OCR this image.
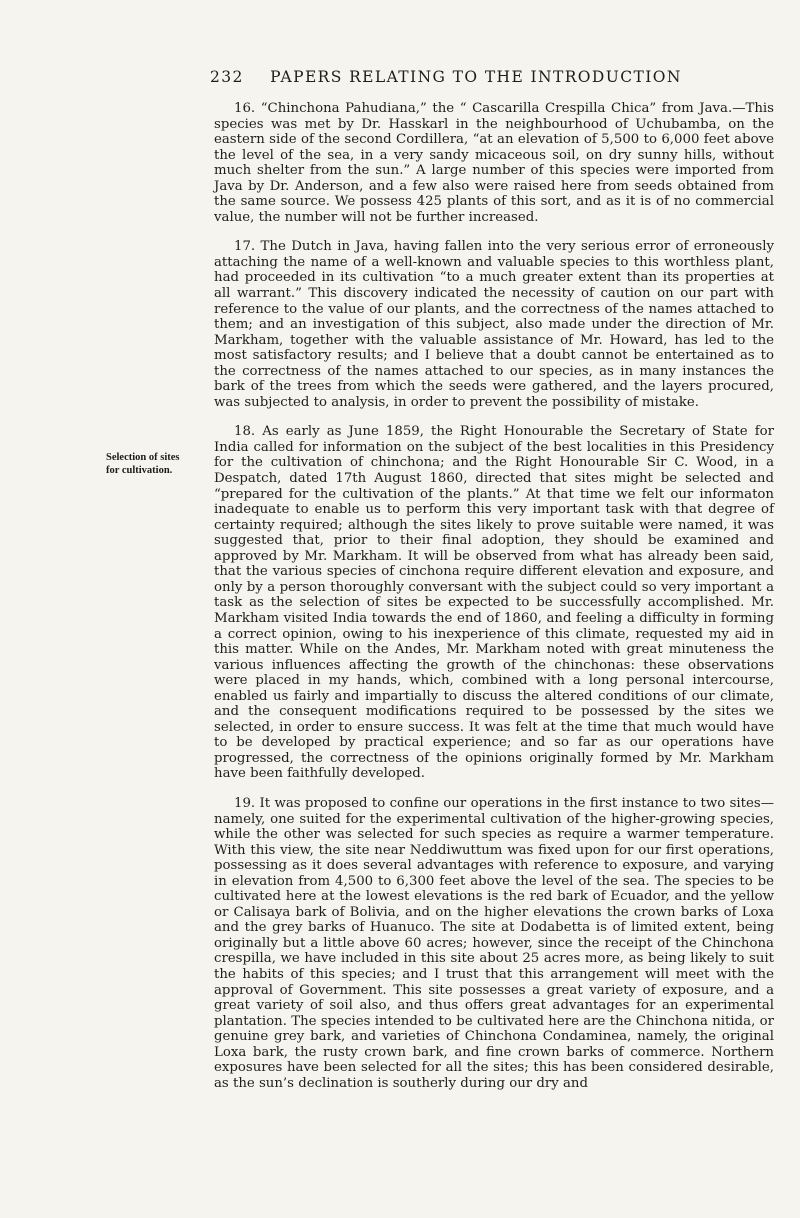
232 PAPERS RELATING TO THE INTRODUCTION
Selection of sites
for cultivation.

16. “Chinchona Pahudiana,” the “ Cascarilla Crespilla Chica” from Java.—This species was met by Dr. Hasskarl in the neighbourhood of Uchubamba, on the eastern side of the second Cordillera, “at an elevation of 5,500 to 6,000 feet above the level of the sea, in a very sandy micaceous soil, on dry sunny hills, without much shelter from the sun.” A large number of this species were imported from Java by Dr. Anderson, and a few also were raised here from seeds obtained from the same source. We possess 425 plants of this sort, and as it is of no commercial value, the number will not be further increased.

17. The Dutch in Java, having fallen into the very serious error of erroneously attaching the name of a well-known and valuable species to this worthless plant, had proceeded in its cultivation “to a much greater extent than its properties at all warrant.” This discovery indicated the necessity of caution on our part with reference to the value of our plants, and the correctness of the names attached to them; and an investigation of this subject, also made under the direction of Mr. Markham, together with the valuable assistance of Mr. Howard, has led to the most satisfactory results; and I believe that a doubt cannot be entertained as to the correctness of the names attached to our species, as in many instances the bark of the trees from which the seeds were gathered, and the layers procured, was subjected to analysis, in order to prevent the possibility of mistake.

18. As early as June 1859, the Right Honourable the Secretary of State for India called for information on the subject of the best localities in this Presidency for the cultivation of chinchona; and the Right Honourable Sir C. Wood, in a Despatch, dated 17th August 1860, directed that sites might be selected and “prepared for the cultivation of the plants.” At that time we felt our informaton inadequate to enable us to perform this very important task with that degree of certainty required; although the sites likely to prove suitable were named, it was suggested that, prior to their final adoption, they should be examined and approved by Mr. Markham. It will be observed from what has already been said, that the various species of cinchona require different elevation and exposure, and only by a person thoroughly conversant with the subject could so very important a task as the selection of sites be expected to be successfully accomplished. Mr. Markham visited India towards the end of 1860, and feeling a difficulty in forming a correct opinion, owing to his inexperience of this climate, requested my aid in this matter. While on the Andes, Mr. Markham noted with great minuteness the various influences affecting the growth of the chinchonas: these observations were placed in my hands, which, combined with a long personal intercourse, enabled us fairly and impartially to discuss the altered conditions of our climate, and the consequent modifications required to be possessed by the sites we selected, in order to ensure success. It was felt at the time that much would have to be developed by practical experience; and so far as our operations have progressed, the correctness of the opinions originally formed by Mr. Markham have been faithfully developed.

19. It was proposed to confine our operations in the first instance to two sites—namely, one suited for the experimental cultivation of the higher-growing species, while the other was selected for such species as require a warmer temperature. With this view, the site near Neddiwuttum was fixed upon for our first operations, possessing as it does several advantages with reference to exposure, and varying in elevation from 4,500 to 6,300 feet above the level of the sea. The species to be cultivated here at the lowest elevations is the red bark of Ecuador, and the yellow or Calisaya bark of Bolivia, and on the higher elevations the crown barks of Loxa and the grey barks of Huanuco. The site at Dodabetta is of limited extent, being originally but a little above 60 acres; however, since the receipt of the Chinchona crespilla, we have included in this site about 25 acres more, as being likely to suit the habits of this species; and I trust that this arrangement will meet with the approval of Government. This site possesses a great variety of exposure, and a great variety of soil also, and thus offers great advantages for an experimental plantation. The species intended to be cultivated here are the Chinchona nitida, or genuine grey bark, and varieties of Chinchona Condaminea, namely, the original Loxa bark, the rusty crown bark, and fine crown barks of commerce. Northern exposures have been selected for all the sites; this has been considered desirable, as the sun’s declination is southerly during our dry and
